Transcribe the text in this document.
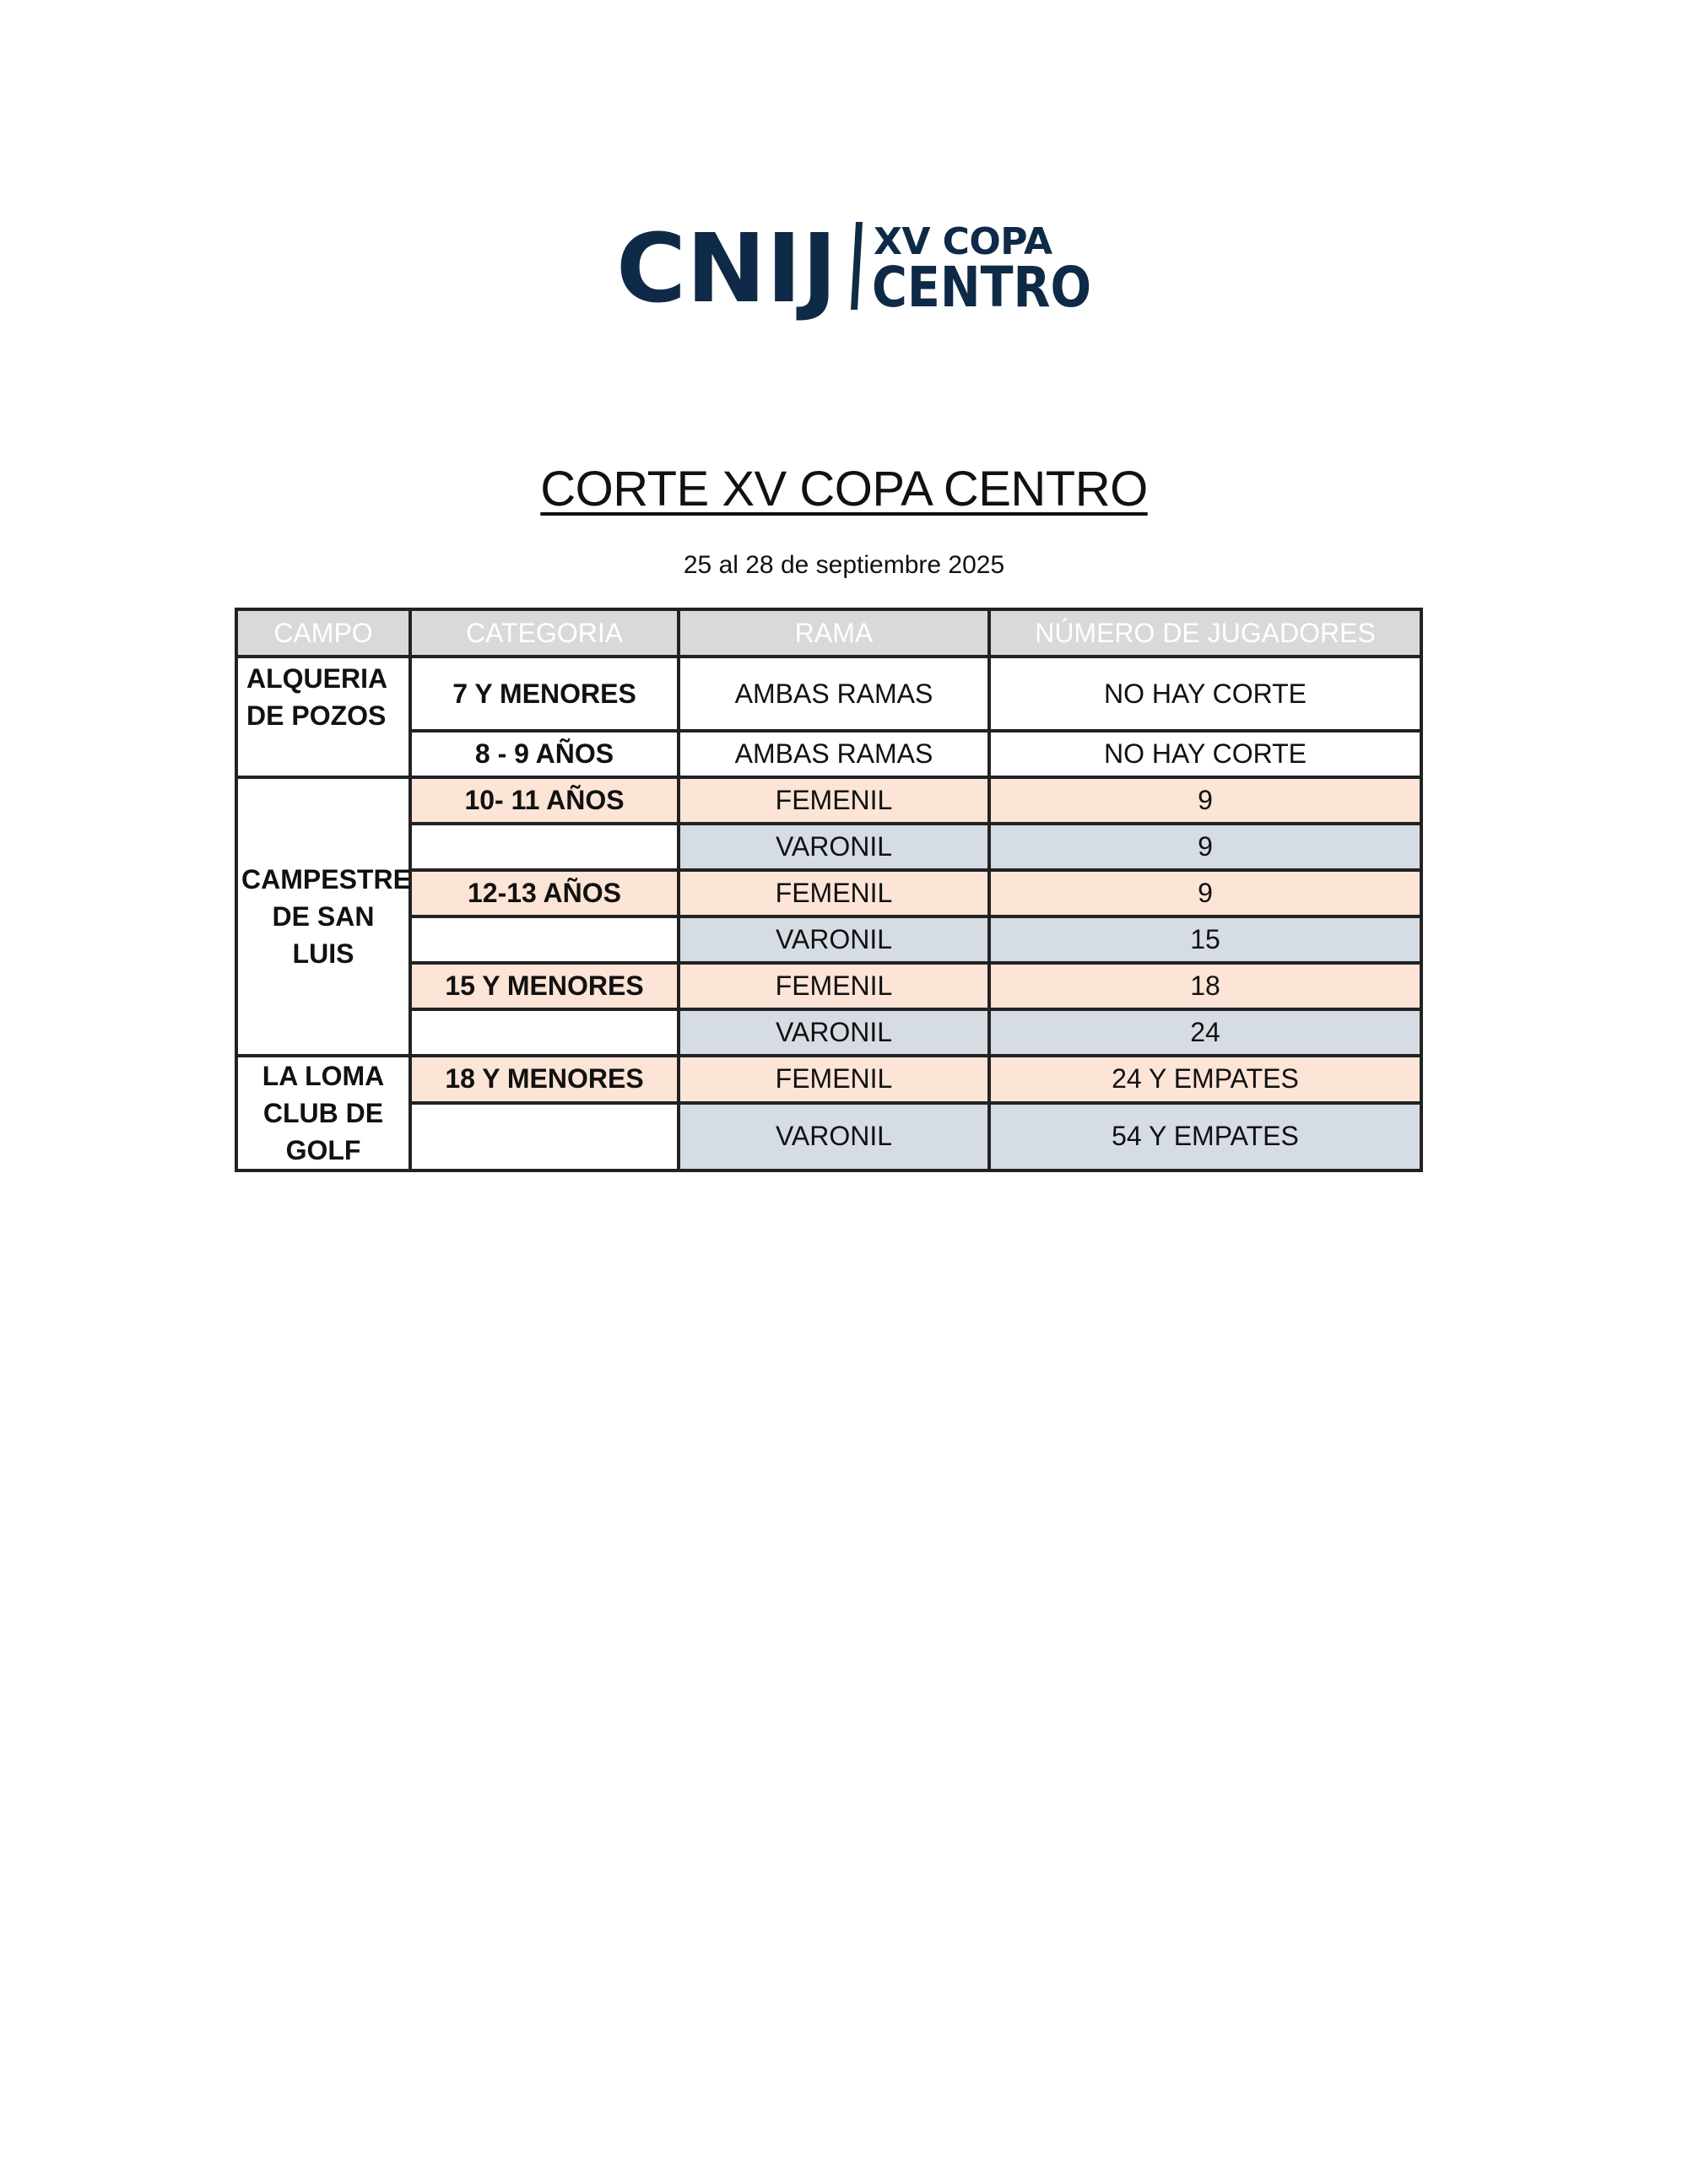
CNIJ XV COPA
CENTRO
CORTE XV COPA CENTRO
25 al 28 de septiembre 2025
CAMPO	CATEGORIA	RAMA	NÚMERO DE JUGADORES
ALQUERIA DE POZOS	7 Y MENORES	AMBAS RAMAS	NO HAY CORTE
	8 - 9 AÑOS	AMBAS RAMAS	NO HAY CORTE
CAMPESTRE DE SAN LUIS	10- 11 AÑOS	FEMENIL	9
		VARONIL	9
	12-13 AÑOS	FEMENIL	9
		VARONIL	15
	15 Y MENORES	FEMENIL	18
		VARONIL	24
LA LOMA CLUB DE GOLF	18 Y MENORES	FEMENIL	24 Y EMPATES
		VARONIL	54 Y EMPATES
